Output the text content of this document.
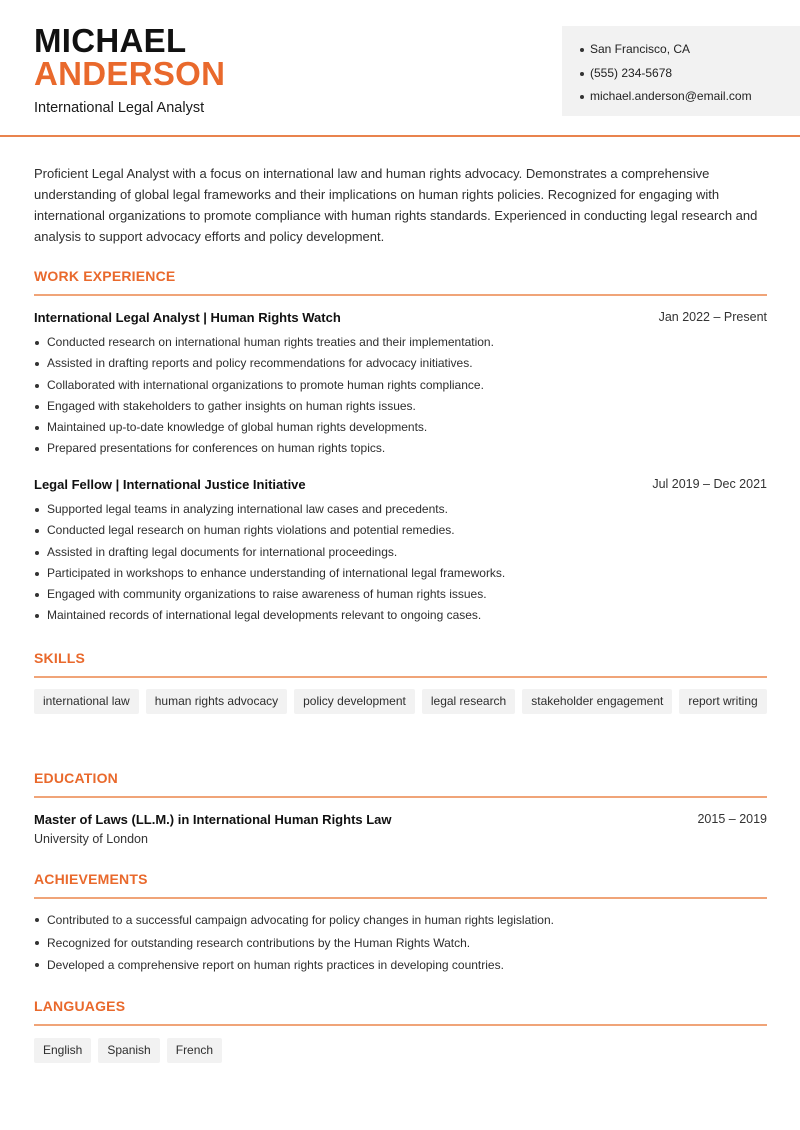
MICHAEL
ANDERSON
International Legal Analyst
San Francisco, CA
(555) 234-5678
michael.anderson@email.com

Proficient Legal Analyst with a focus on international law and human rights advocacy. Demonstrates a comprehensive understanding of global legal frameworks and their implications on human rights policies. Recognized for engaging with international organizations to promote compliance with human rights standards. Experienced in conducting legal research and analysis to support advocacy efforts and policy development.

WORK EXPERIENCE
International Legal Analyst | Human Rights Watch	Jan 2022 – Present
Conducted research on international human rights treaties and their implementation.
Assisted in drafting reports and policy recommendations for advocacy initiatives.
Collaborated with international organizations to promote human rights compliance.
Engaged with stakeholders to gather insights on human rights issues.
Maintained up-to-date knowledge of global human rights developments.
Prepared presentations for conferences on human rights topics.
Legal Fellow | International Justice Initiative	Jul 2019 – Dec 2021
Supported legal teams in analyzing international law cases and precedents.
Conducted legal research on human rights violations and potential remedies.
Assisted in drafting legal documents for international proceedings.
Participated in workshops to enhance understanding of international legal frameworks.
Engaged with community organizations to raise awareness of human rights issues.
Maintained records of international legal developments relevant to ongoing cases.
SKILLS
international law	human rights advocacy	policy development	legal research	stakeholder engagement	report writing
EDUCATION
Master of Laws (LL.M.) in International Human Rights Law	2015 – 2019
University of London
ACHIEVEMENTS
Contributed to a successful campaign advocating for policy changes in human rights legislation.
Recognized for outstanding research contributions by the Human Rights Watch.
Developed a comprehensive report on human rights practices in developing countries.
LANGUAGES
English	Spanish	French
